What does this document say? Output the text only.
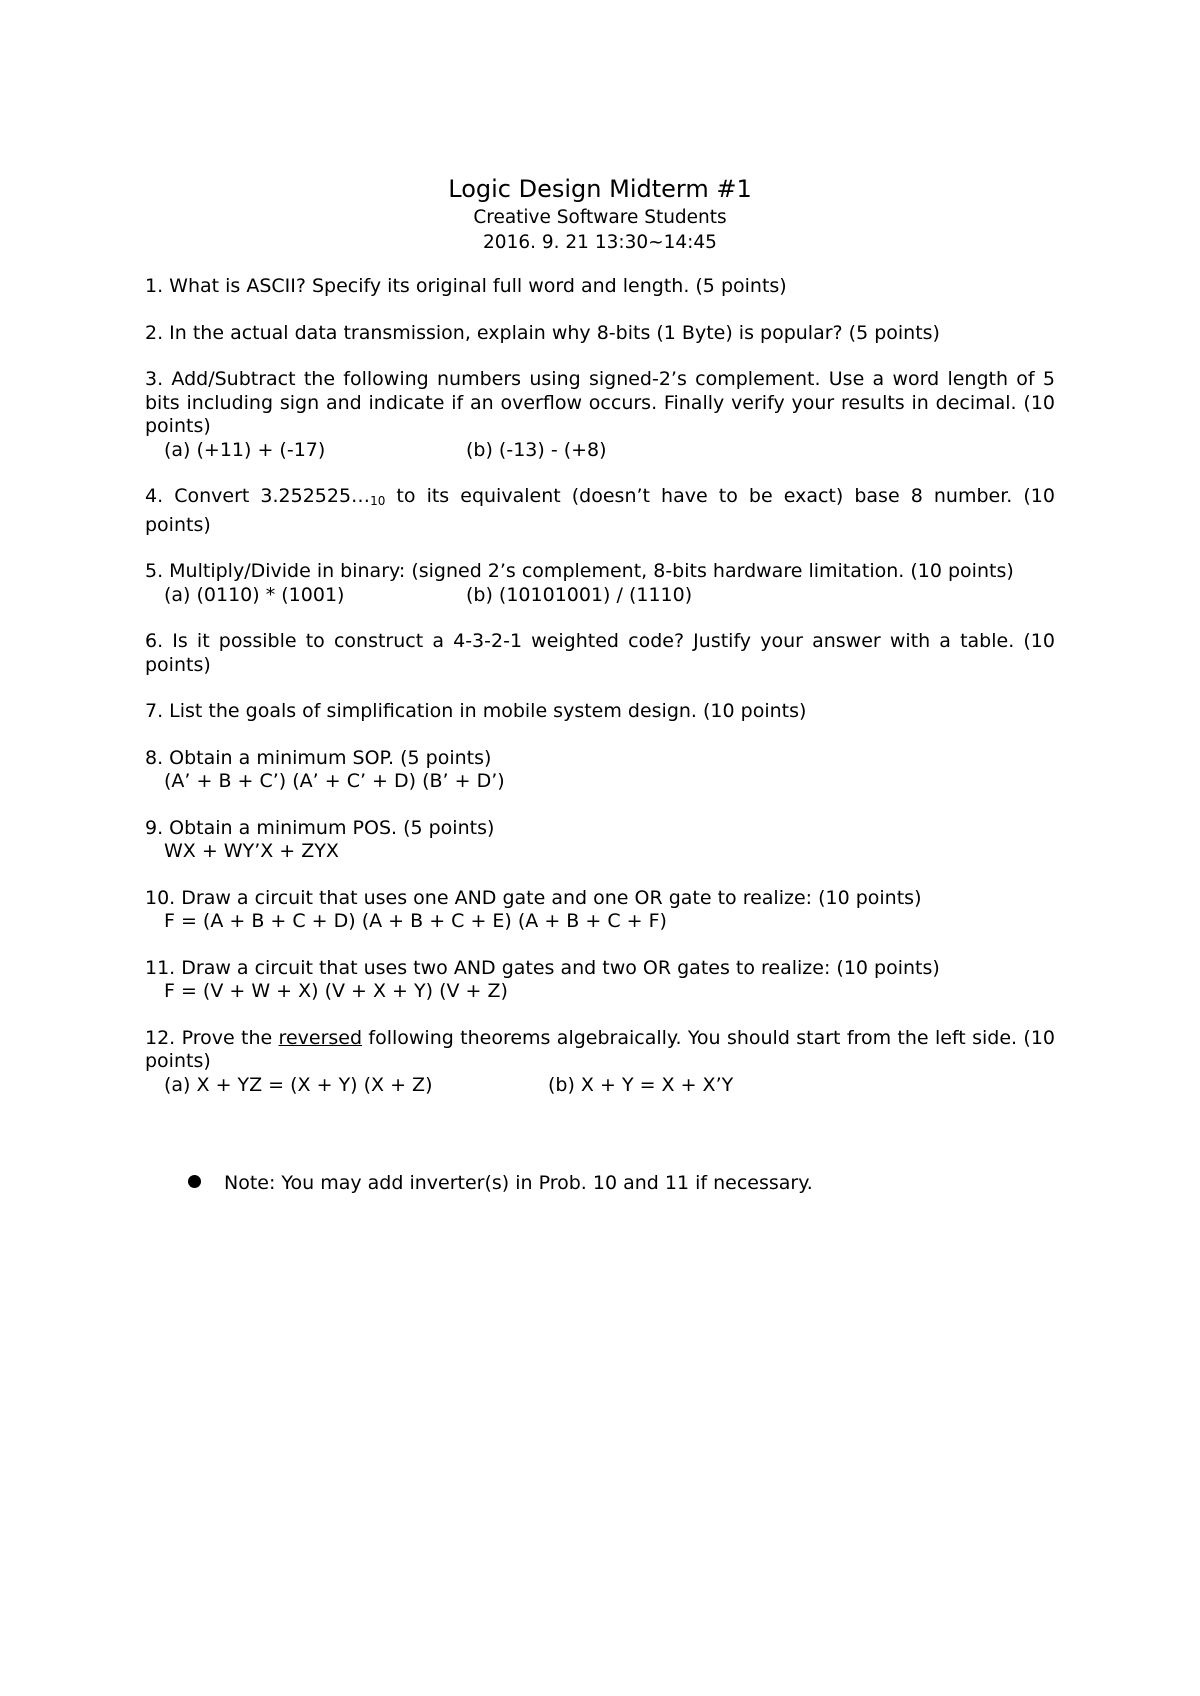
Logic Design Midterm #1
Creative Software Students
2016. 9. 21 13:30~14:45
1. What is ASCII? Specify its original full word and length. (5 points)
2. In the actual data transmission, explain why 8-bits (1 Byte) is popular? (5 points)
3. Add/Subtract the following numbers using signed-2’s complement. Use a word length of 5 bits including sign and indicate if an overflow occurs. Finally verify your results in decimal. (10 points)
(a) (+11) + (-17)	(b) (-13) - (+8)
4. Convert 3.252525…10 to its equivalent (doesn’t have to be exact) base 8 number. (10 points)
5. Multiply/Divide in binary: (signed 2’s complement, 8-bits hardware limitation. (10 points)
(a) (0110) * (1001)	(b) (10101001) / (1110)
6. Is it possible to construct a 4-3-2-1 weighted code? Justify your answer with a table. (10 points)
7. List the goals of simplification in mobile system design. (10 points)
8. Obtain a minimum SOP. (5 points)
(A’ + B + C’) (A’ + C’ + D) (B’ + D’)
9. Obtain a minimum POS. (5 points)
WX + WY’X + ZYX
10. Draw a circuit that uses one AND gate and one OR gate to realize: (10 points)
F = (A + B + C + D) (A + B + C + E) (A + B + C + F)
11. Draw a circuit that uses two AND gates and two OR gates to realize: (10 points)
F = (V + W + X) (V + X + Y) (V + Z)
12. Prove the reversed following theorems algebraically. You should start from the left side. (10 points)
(a) X + YZ = (X + Y) (X + Z)	(b) X + Y = X + X’Y
Note: You may add inverter(s) in Prob. 10 and 11 if necessary.
